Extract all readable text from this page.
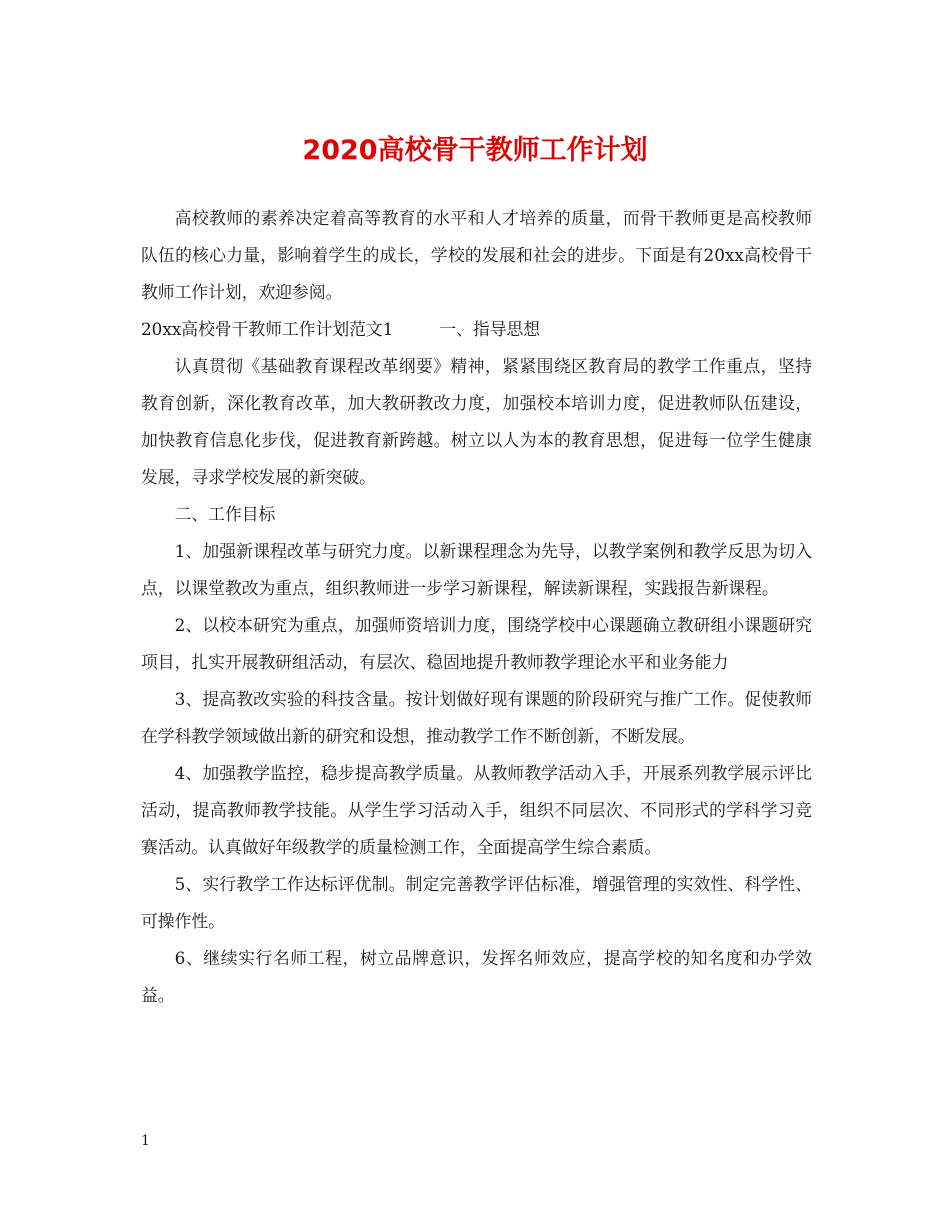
2020高校骨干教师工作计划

高校教师的素养决定着高等教育的水平和人才培养的质量，而骨干教师更是高校教师队伍的核心力量，影响着学生的成长，学校的发展和社会的进步。下面是有20xx高校骨干教师工作计划，欢迎参阅。

20xx高校骨干教师工作计划范文1	一、指导思想

认真贯彻《基础教育课程改革纲要》精神，紧紧围绕区教育局的教学工作重点，坚持教育创新，深化教育改革，加大教研教改力度，加强校本培训力度，促进教师队伍建设，加快教育信息化步伐，促进教育新跨越。树立以人为本的教育思想，促进每一位学生健康发展，寻求学校发展的新突破。

二、工作目标

1、加强新课程改革与研究力度。以新课程理念为先导，以教学案例和教学反思为切入点，以课堂教改为重点，组织教师进一步学习新课程，解读新课程，实践报告新课程。

2、以校本研究为重点，加强师资培训力度，围绕学校中心课题确立教研组小课题研究项目，扎实开展教研组活动，有层次、稳固地提升教师教学理论水平和业务能力

3、提高教改实验的科技含量。按计划做好现有课题的阶段研究与推广工作。促使教师在学科教学领域做出新的研究和设想，推动教学工作不断创新，不断发展。

4、加强教学监控，稳步提高教学质量。从教师教学活动入手，开展系列教学展示评比活动，提高教师教学技能。从学生学习活动入手，组织不同层次、不同形式的学科学习竞赛活动。认真做好年级教学的质量检测工作，全面提高学生综合素质。

5、实行教学工作达标评优制。制定完善教学评估标准，增强管理的实效性、科学性、可操作性。

6、继续实行名师工程，树立品牌意识，发挥名师效应，提高学校的知名度和办学效益。

1
